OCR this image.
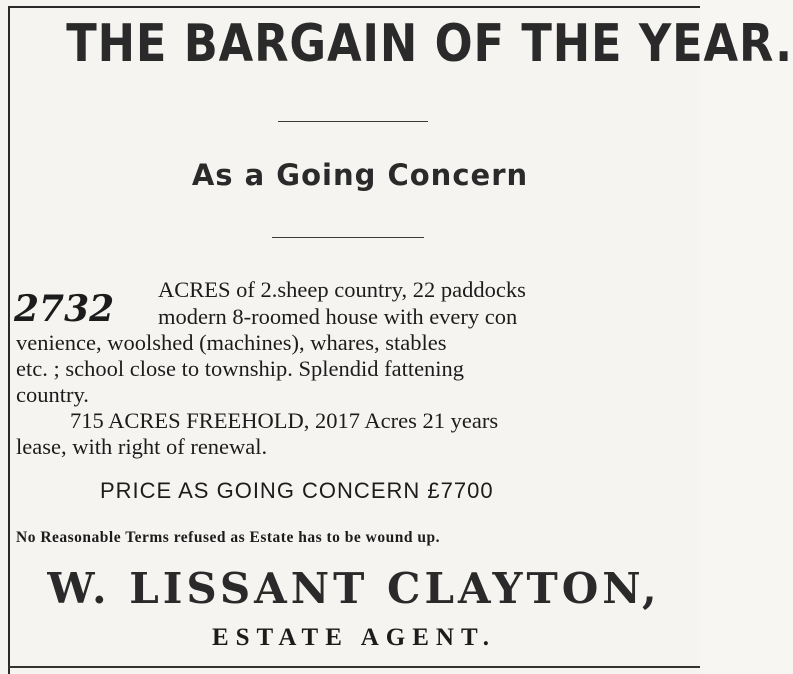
THE BARGAIN OF THE YEAR.
As a Going Concern
2732 ACRES of 2.sheep country, 22 paddocks
modern 8-roomed house with every con
venience, woolshed (machines), whares, stables
etc. ; school close to township. Splendid fattening
country.
715 ACRES FREEHOLD, 2017 Acres 21 years
lease, with right of renewal.
PRICE AS GOING CONCERN £7700
No Reasonable Terms refused as Estate has to be wound up.
W. LISSANT CLAYTON,
ESTATE AGENT.
